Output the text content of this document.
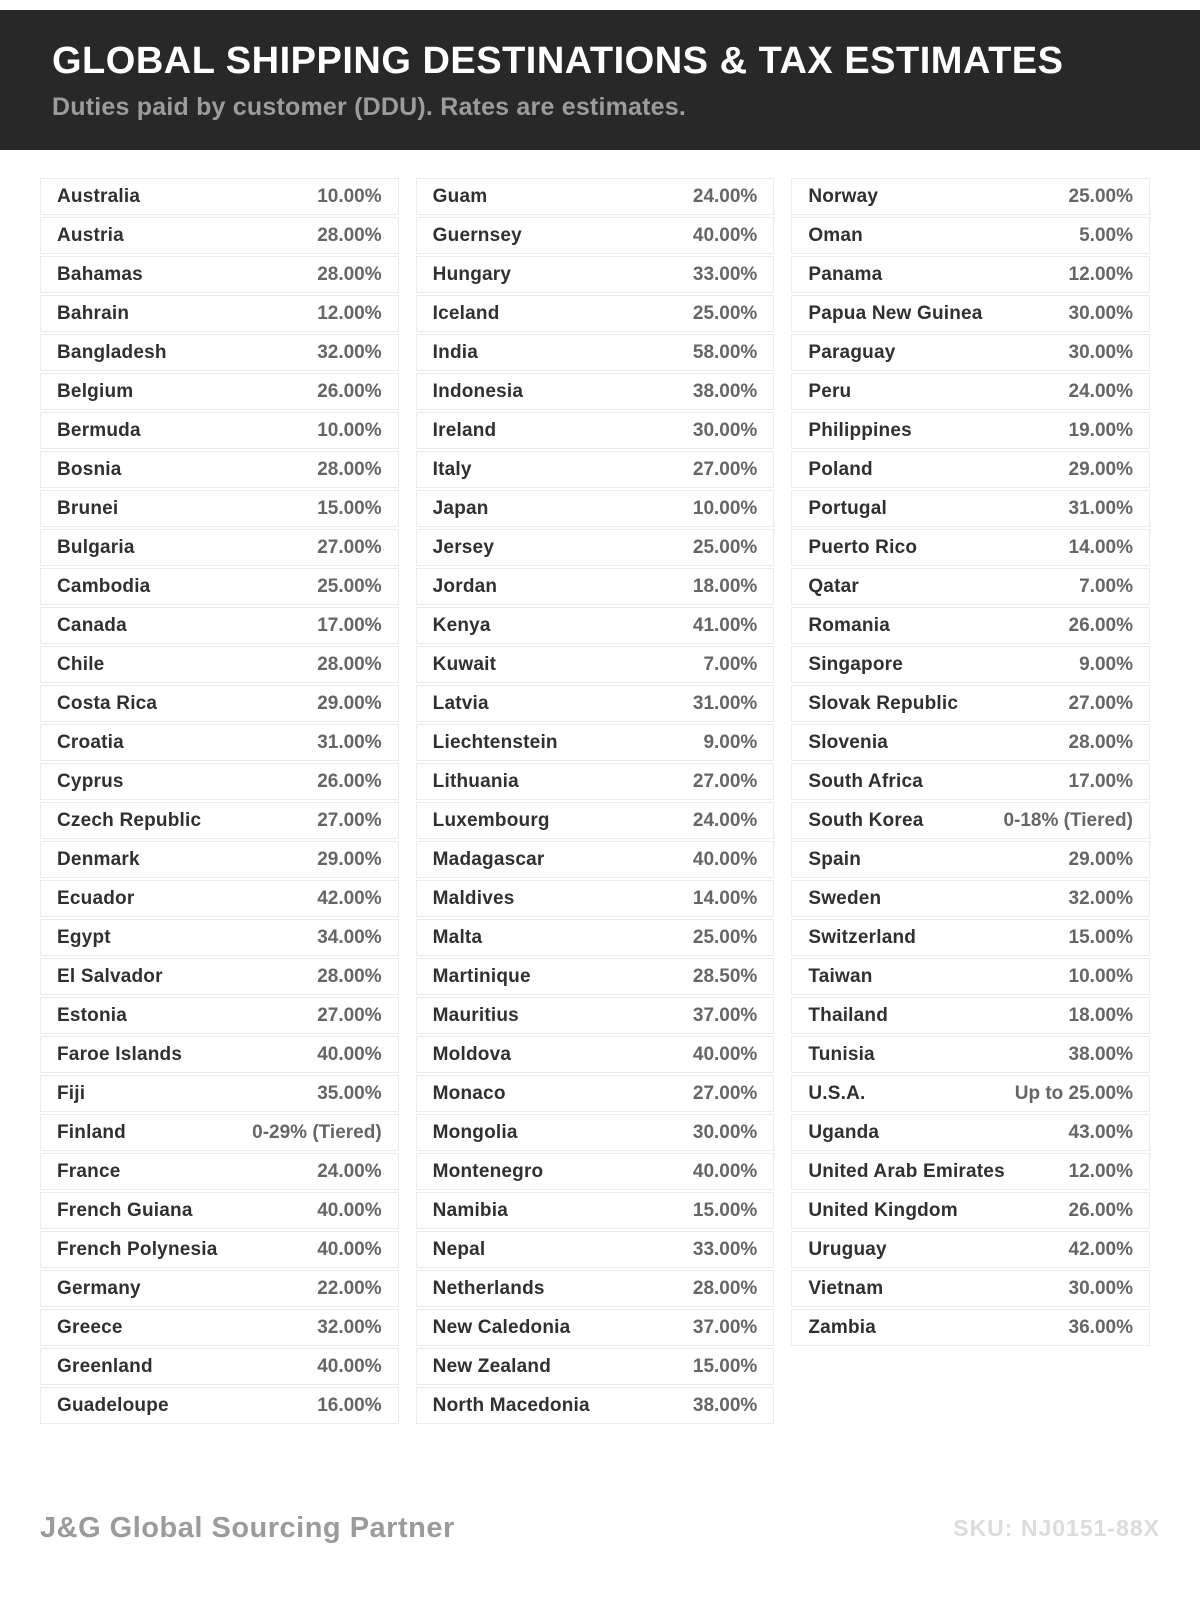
GLOBAL SHIPPING DESTINATIONS & TAX ESTIMATES

Duties paid by customer (DDU). Rates are estimates.

Australia	10.00%
Austria	28.00%
Bahamas	28.00%
Bahrain	12.00%
Bangladesh	32.00%
Belgium	26.00%
Bermuda	10.00%
Bosnia	28.00%
Brunei	15.00%
Bulgaria	27.00%
Cambodia	25.00%
Canada	17.00%
Chile	28.00%
Costa Rica	29.00%
Croatia	31.00%
Cyprus	26.00%
Czech Republic	27.00%
Denmark	29.00%
Ecuador	42.00%
Egypt	34.00%
El Salvador	28.00%
Estonia	27.00%
Faroe Islands	40.00%
Fiji	35.00%
Finland	0-29% (Tiered)
France	24.00%
French Guiana	40.00%
French Polynesia	40.00%
Germany	22.00%
Greece	32.00%
Greenland	40.00%
Guadeloupe	16.00%
Guam	24.00%
Guernsey	40.00%
Hungary	33.00%
Iceland	25.00%
India	58.00%
Indonesia	38.00%
Ireland	30.00%
Italy	27.00%
Japan	10.00%
Jersey	25.00%
Jordan	18.00%
Kenya	41.00%
Kuwait	7.00%
Latvia	31.00%
Liechtenstein	9.00%
Lithuania	27.00%
Luxembourg	24.00%
Madagascar	40.00%
Maldives	14.00%
Malta	25.00%
Martinique	28.50%
Mauritius	37.00%
Moldova	40.00%
Monaco	27.00%
Mongolia	30.00%
Montenegro	40.00%
Namibia	15.00%
Nepal	33.00%
Netherlands	28.00%
New Caledonia	37.00%
New Zealand	15.00%
North Macedonia	38.00%
Norway	25.00%
Oman	5.00%
Panama	12.00%
Papua New Guinea	30.00%
Paraguay	30.00%
Peru	24.00%
Philippines	19.00%
Poland	29.00%
Portugal	31.00%
Puerto Rico	14.00%
Qatar	7.00%
Romania	26.00%
Singapore	9.00%
Slovak Republic	27.00%
Slovenia	28.00%
South Africa	17.00%
South Korea	0-18% (Tiered)
Spain	29.00%
Sweden	32.00%
Switzerland	15.00%
Taiwan	10.00%
Thailand	18.00%
Tunisia	38.00%
U.S.A.	Up to 25.00%
Uganda	43.00%
United Arab Emirates	12.00%
United Kingdom	26.00%
Uruguay	42.00%
Vietnam	30.00%
Zambia	36.00%
J&G Global Sourcing Partner	SKU: NJ0151-88X
